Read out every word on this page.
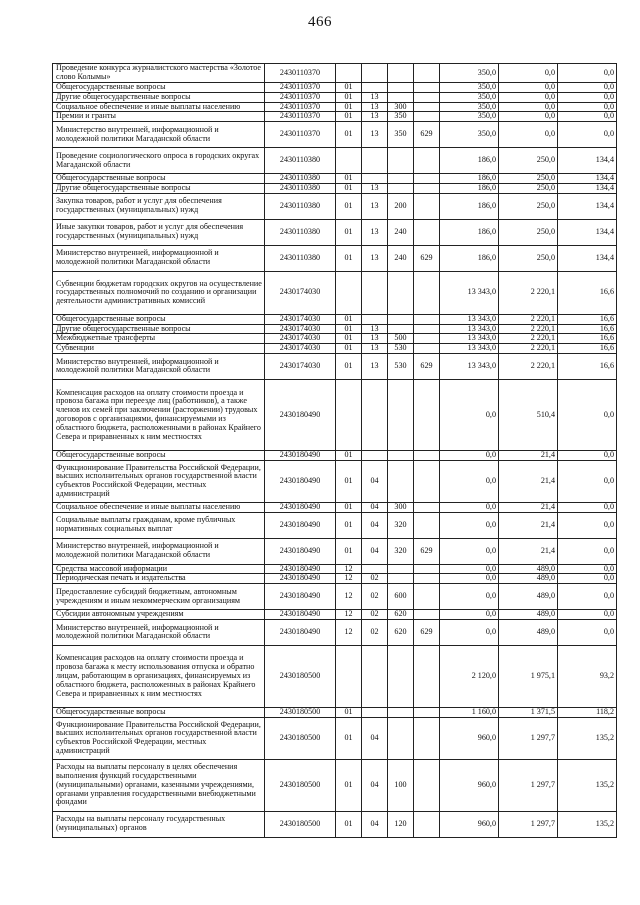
466
Проведение конкурса журналистского мастерства «Золотое слово Колымы»	2430110370					350,0	0,0	0,0
Общегосударственные вопросы	2430110370	01				350,0	0,0	0,0
Другие общегосударственные вопросы	2430110370	01	13			350,0	0,0	0,0
Социальное обеспечение и иные выплаты населению	2430110370	01	13	300		350,0	0,0	0,0
Премии и гранты	2430110370	01	13	350		350,0	0,0	0,0
Министерство внутренней, информационной и молодежной политики Магаданской области	2430110370	01	13	350	629	350,0	0,0	0,0
Проведение социологического опроса в городских округах Магаданской области	2430110380					186,0	250,0	134,4
Общегосударственные вопросы	2430110380	01				186,0	250,0	134,4
Другие общегосударственные вопросы	2430110380	01	13			186,0	250,0	134,4
Закупка товаров, работ и услуг для обеспечения государственных (муниципальных) нужд	2430110380	01	13	200		186,0	250,0	134,4
Иные закупки товаров, работ и услуг для обеспечения государственных (муниципальных) нужд	2430110380	01	13	240		186,0	250,0	134,4
Министерство внутренней, информационной и молодежной политики Магаданской области	2430110380	01	13	240	629	186,0	250,0	134,4
Субвенции бюджетам городских округов на осуществление государственных полномочий по созданию и организации деятельности административных комиссий	2430174030					13 343,0	2 220,1	16,6
Общегосударственные вопросы	2430174030	01				13 343,0	2 220,1	16,6
Другие общегосударственные вопросы	2430174030	01	13			13 343,0	2 220,1	16,6
Межбюджетные трансферты	2430174030	01	13	500		13 343,0	2 220,1	16,6
Субвенции	2430174030	01	13	530		13 343,0	2 220,1	16,6
Министерство внутренней, информационной и молодежной политики Магаданской области	2430174030	01	13	530	629	13 343,0	2 220,1	16,6
Компенсация расходов на оплату стоимости проезда и провоза багажа при переезде лиц (работников), а также членов их семей при заключении (расторжении) трудовых договоров с организациями, финансируемыми из областного бюджета, расположенными в районах Крайнего Севера и приравненных к ним местностях	2430180490					0,0	510,4	0,0
Общегосударственные вопросы	2430180490	01				0,0	21,4	0,0
Функционирование Правительства Российской Федерации, высших исполнительных органов государственной власти субъектов Российской Федерации, местных администраций	2430180490	01	04			0,0	21,4	0,0
Социальное обеспечение и иные выплаты населению	2430180490	01	04	300		0,0	21,4	0,0
Социальные выплаты гражданам, кроме публичных нормативных социальных выплат	2430180490	01	04	320		0,0	21,4	0,0
Министерство внутренней, информационной и молодежной политики Магаданской области	2430180490	01	04	320	629	0,0	21,4	0,0
Средства массовой информации	2430180490	12				0,0	489,0	0,0
Периодическая печать и издательства	2430180490	12	02			0,0	489,0	0,0
Предоставление субсидий бюджетным, автономным учреждениям и иным некоммерческим организациям	2430180490	12	02	600		0,0	489,0	0,0
Субсидии автономным учреждениям	2430180490	12	02	620		0,0	489,0	0,0
Министерство внутренней, информационной и молодежной политики Магаданской области	2430180490	12	02	620	629	0,0	489,0	0,0
Компенсация расходов на оплату стоимости проезда и провоза багажа к месту использования отпуска и обратно лицам, работающим в организациях, финансируемых из областного бюджета, расположенных в районах Крайнего Севера и приравненных к ним местностях	2430180500					2 120,0	1 975,1	93,2
Общегосударственные вопросы	2430180500	01				1 160,0	1 371,5	118,2
Функционирование Правительства Российской Федерации, высших исполнительных органов государственной власти субъектов Российской Федерации, местных администраций	2430180500	01	04			960,0	1 297,7	135,2
Расходы на выплаты персоналу в целях обеспечения выполнения функций государственными (муниципальными) органами, казенными учреждениями, органами управления государственными внебюджетными фондами	2430180500	01	04	100		960,0	1 297,7	135,2
Расходы на выплаты персоналу государственных (муниципальных) органов	2430180500	01	04	120		960,0	1 297,7	135,2
